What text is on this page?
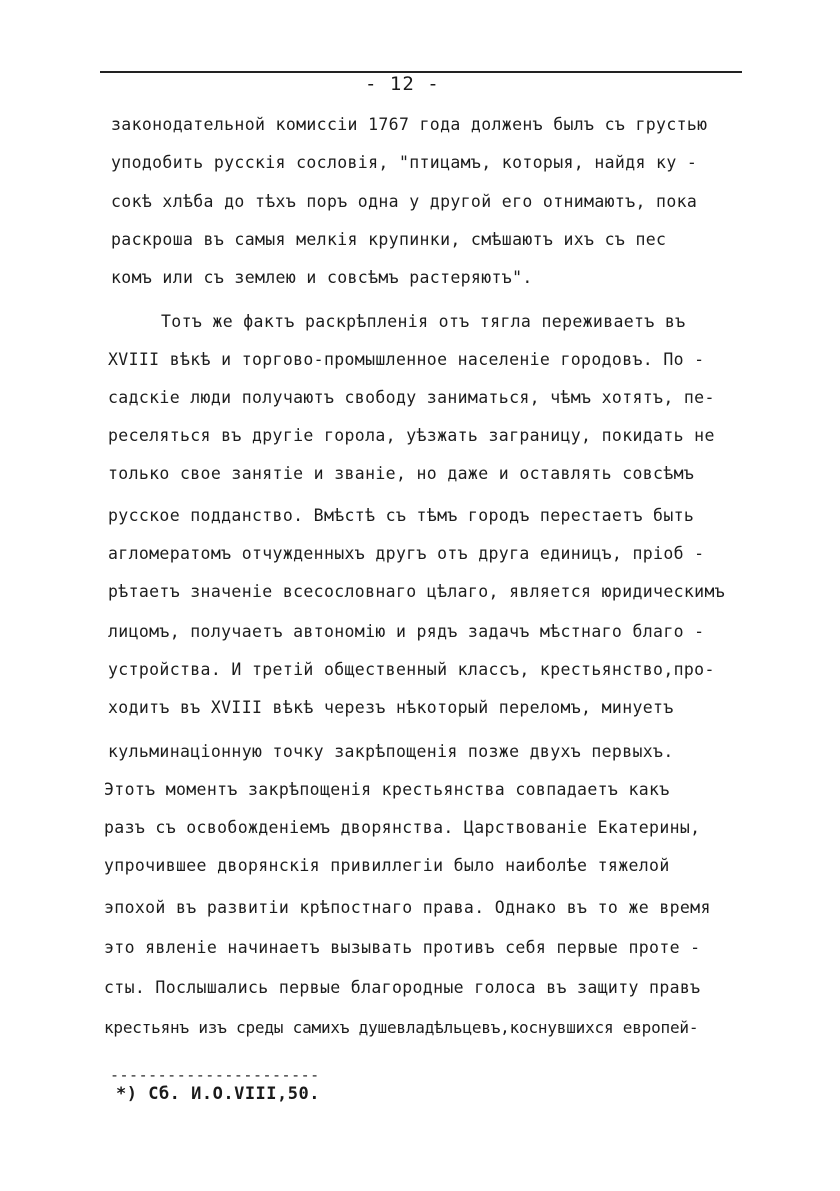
- 12 -
законодательной комиссіи 1767 года долженъ былъ съ грустью
уподобить русскія сословія, "птицамъ, которыя, найдя ку -
сокѣ хлѣба до тѣхъ поръ одна у другой его отнимаютъ, пока
раскроша въ самыя мелкія крупинки, смѣшаютъ ихъ съ пес
комъ или съ землею и совсѣмъ растеряютъ".
Тотъ же фактъ раскрѣпленія отъ тягла переживаетъ въ
XVIII вѣкѣ и торгово-промышленное населеніе городовъ. По -
садскіе люди получаютъ свободу заниматься, чѣмъ хотятъ, пе-
реселяться въ другіе горола, уѣзжать заграницу, покидать не
только свое занятіе и званіе, но даже и оставлять совсѣмъ
русское подданство. Вмѣстѣ съ тѣмъ городъ перестаетъ быть
агломератомъ отчужденныхъ другъ отъ друга единицъ, пріоб -
рѣтаетъ значеніе всесословнаго цѣлаго, является юридическимъ
лицомъ, получаетъ автономію и рядъ задачъ мѣстнаго благо -
устройства. И третій общественный классъ, крестьянство,про-
ходитъ въ XVIII вѣкѣ черезъ нѣкоторый переломъ, минуетъ
кульминаціонную точку закрѣпощенія позже двухъ первыхъ.
Этотъ моментъ закрѣпощенія крестьянства совпадаетъ какъ
разъ съ освобожденіемъ дворянства. Царствованіе Екатерины,
упрочившее дворянскія привиллегіи было наиболѣе тяжелой
эпохой въ развитіи крѣпостнаго права. Однако въ то же время
это явленіе начинаетъ вызывать противъ себя первые проте -
сты. Послышались первые благородные голоса въ защиту правъ
крестьянъ изъ среды самихъ душевладѣльцевъ,коснувшихся европей-
----------------------
*) Сб. И.О.VIII,50.
